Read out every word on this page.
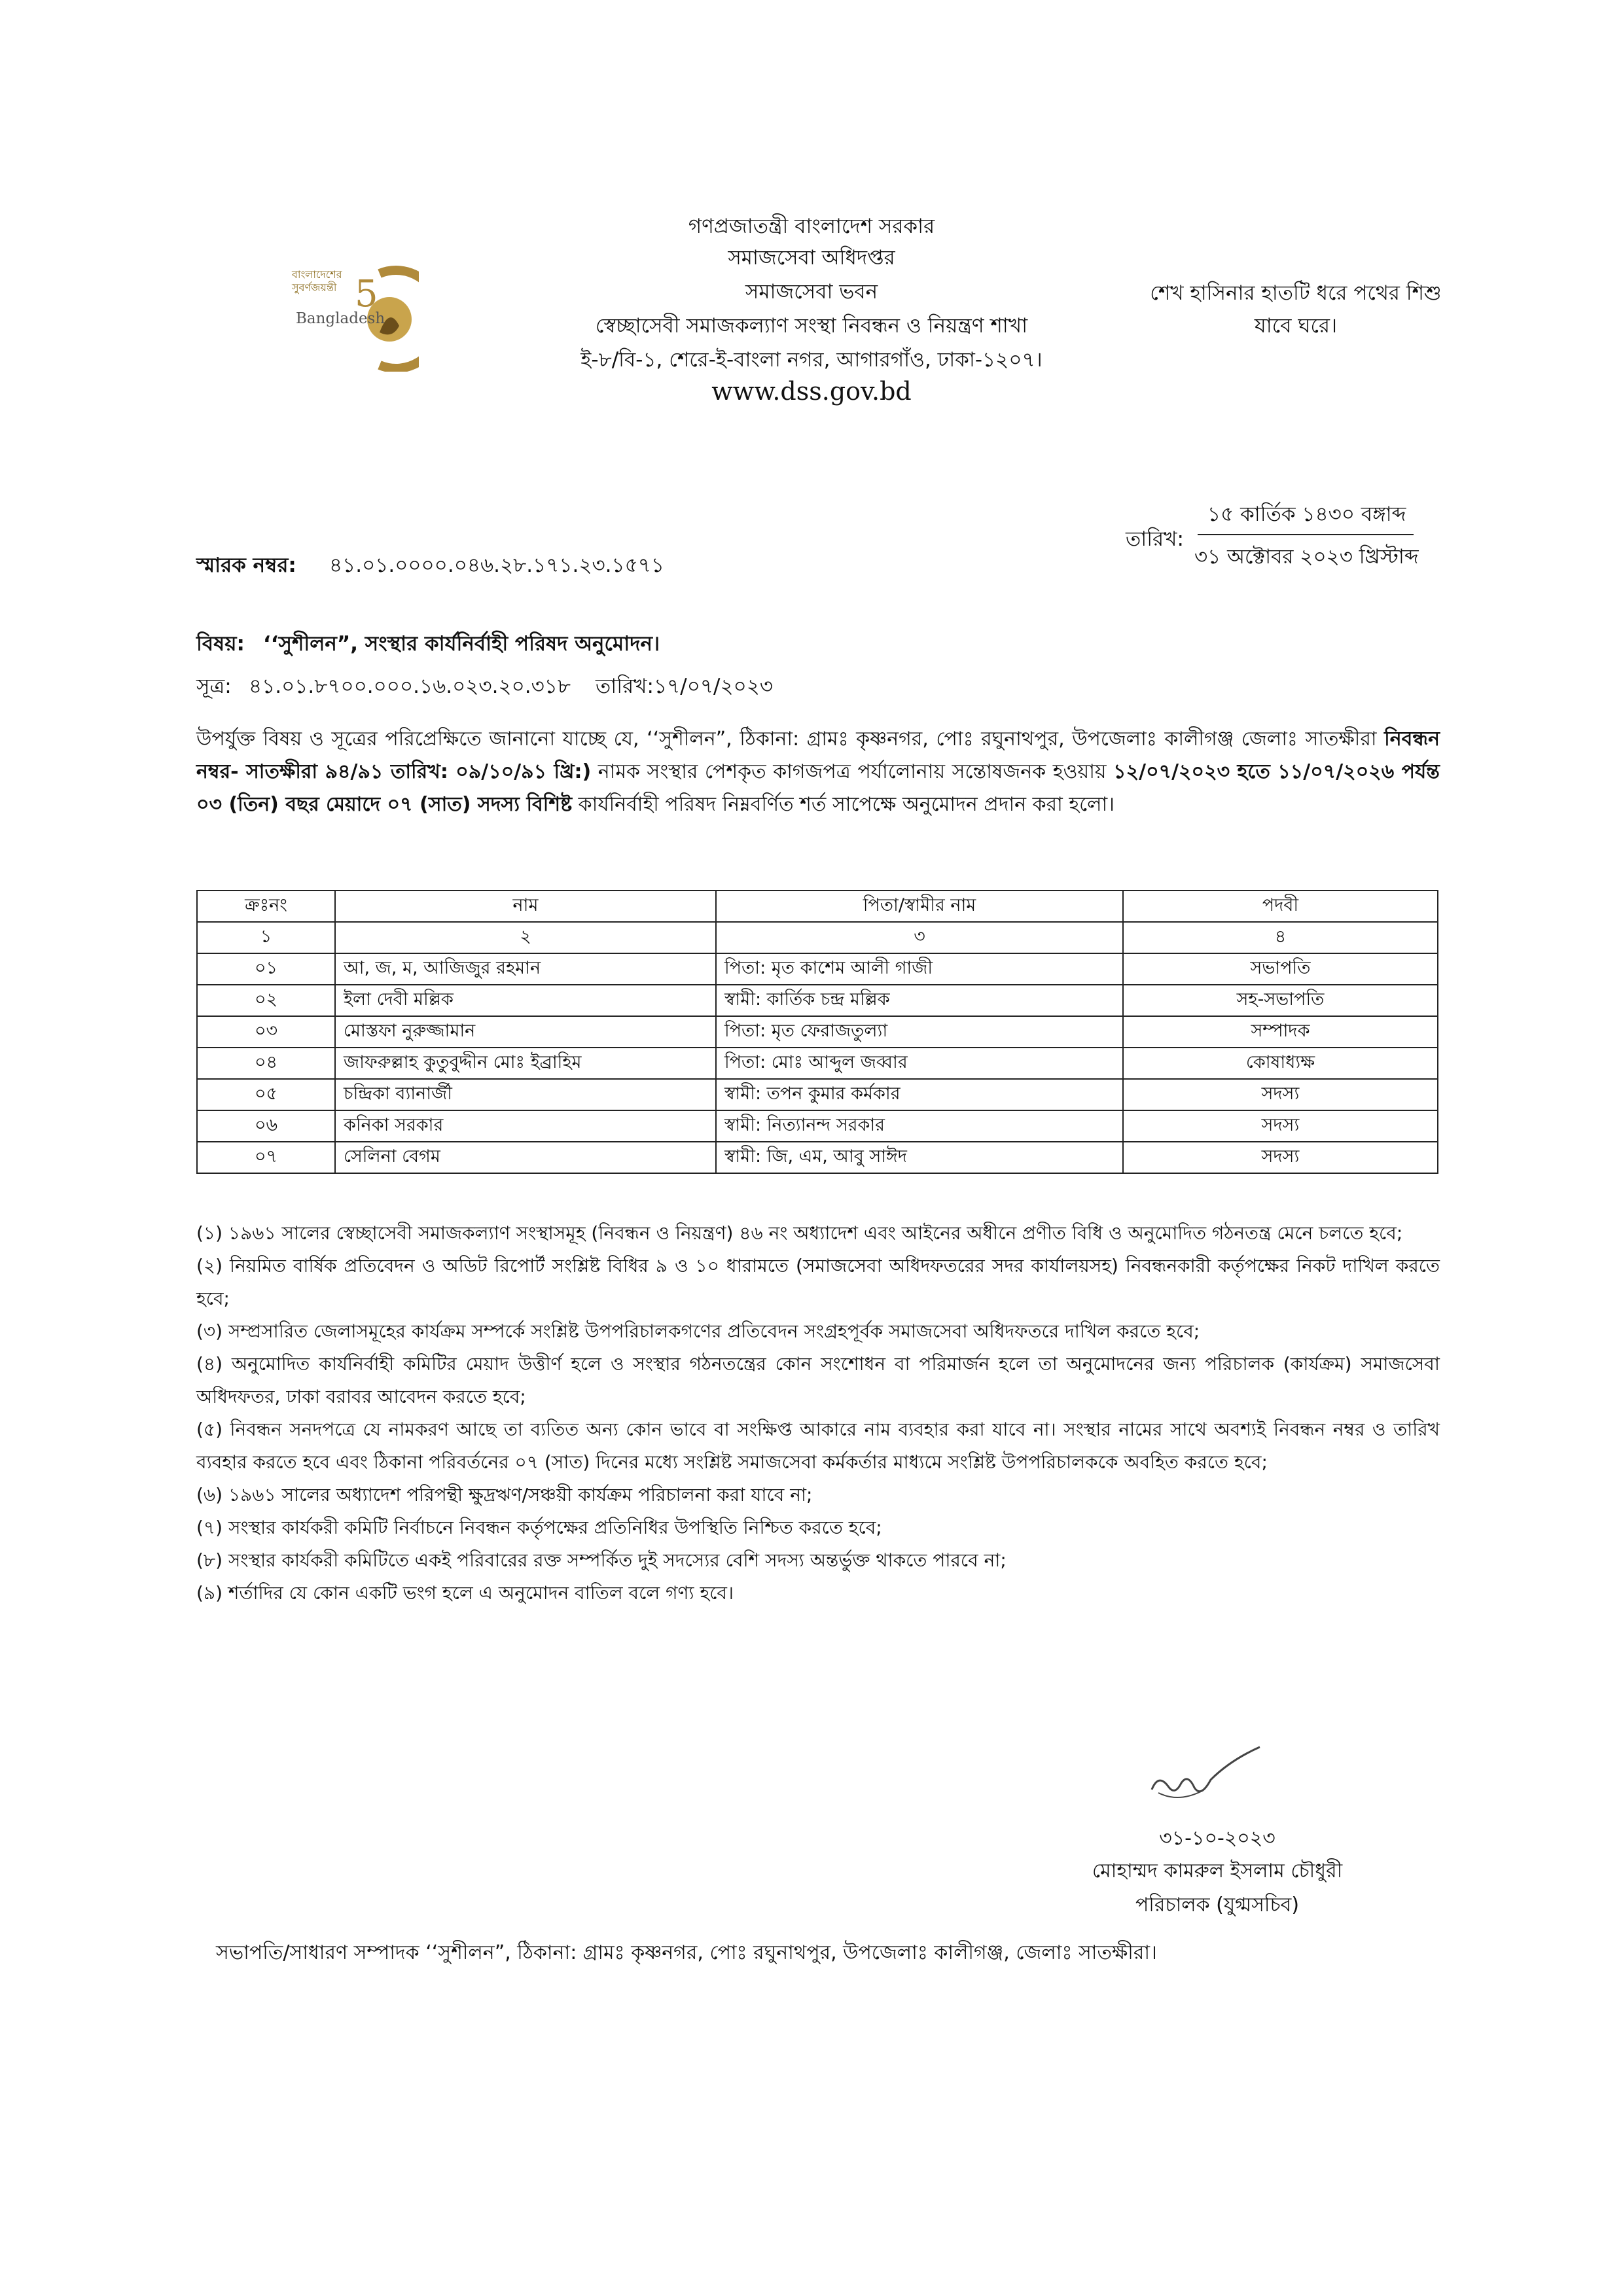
5
বাংলাদেশের সুবর্ণজয়ন্তী
Bangladesh
গণপ্রজাতন্ত্রী বাংলাদেশ সরকার
সমাজসেবা অধিদপ্তর
সমাজসেবা ভবন
স্বেচ্ছাসেবী সমাজকল্যাণ সংস্থা নিবন্ধন ও নিয়ন্ত্রণ শাখা
ই-৮/বি-১, শেরে-ই-বাংলা নগর, আগারগাঁও, ঢাকা-১২০৭।
www.dss.gov.bd
শেখ হাসিনার হাতটি ধরে পথের শিশু
যাবে ঘরে।
১৫ কার্তিক ১৪৩০ বঙ্গাব্দ
তারিখ:
৩১ অক্টোবর ২০২৩ খ্রিস্টাব্দ
স্মারক নম্বর: ৪১.০১.০০০০.০৪৬.২৮.১৭১.২৩.১৫৭১
বিষয়: ‘‘সুশীলন”, সংস্থার কার্যনির্বাহী পরিষদ অনুমোদন।
সূত্র: ৪১.০১.৮৭০০.০০০.১৬.০২৩.২০.৩১৮ তারিখ:১৭/০৭/২০২৩
উপর্যুক্ত বিষয় ও সূত্রের পরিপ্রেক্ষিতে জানানো যাচ্ছে যে, ‘‘সুশীলন”, ঠিকানা: গ্রামঃ কৃষ্ণনগর, পোঃ রঘুনাথপুর, উপজেলাঃ কালীগঞ্জ জেলাঃ সাতক্ষীরা নিবন্ধন নম্বর- সাতক্ষীরা ৯৪/৯১ তারিখ: ০৯/১০/৯১ খ্রি:) নামক সংস্থার পেশকৃত কাগজপত্র পর্যালোনায় সন্তোষজনক হওয়ায় ১২/০৭/২০২৩ হতে ১১/০৭/২০২৬ পর্যন্ত ০৩ (তিন) বছর মেয়াদে ০৭ (সাত) সদস্য বিশিষ্ট কার্যনির্বাহী পরিষদ নিম্নবর্ণিত শর্ত সাপেক্ষে অনুমোদন প্রদান করা হলো।
ক্রঃনং	নাম	পিতা/স্বামীর নাম	পদবী
১	২	৩	৪
০১	আ, জ, ম, আজিজুর রহমান	পিতা: মৃত কাশেম আলী গাজী	সভাপতি
০২	ইলা দেবী মল্লিক	স্বামী: কার্তিক চন্দ্র মল্লিক	সহ-সভাপতি
০৩	মোস্তফা নুরুজ্জামান	পিতা: মৃত ফেরাজতুল্যা	সম্পাদক
০৪	জাফরুল্লাহ কুতুবুদ্দীন মোঃ ইব্রাহিম	পিতা: মোঃ আব্দুল জব্বার	কোষাধ্যক্ষ
০৫	চন্দ্রিকা ব্যানার্জী	স্বামী: তপন কুমার কর্মকার	সদস্য
০৬	কনিকা সরকার	স্বামী: নিত্যানন্দ সরকার	সদস্য
০৭	সেলিনা বেগম	স্বামী: জি, এম, আবু সাঈদ	সদস্য

(১) ১৯৬১ সালের স্বেচ্ছাসেবী সমাজকল্যাণ সংস্থাসমূহ (নিবন্ধন ও নিয়ন্ত্রণ) ৪৬ নং অধ্যাদেশ এবং আইনের অধীনে প্রণীত বিধি ও অনুমোদিত গঠনতন্ত্র মেনে চলতে হবে;

(২) নিয়মিত বার্ষিক প্রতিবেদন ও অডিট রিপোর্ট সংশ্লিষ্ট বিধির ৯ ও ১০ ধারামতে (সমাজসেবা অধিদফতরের সদর কার্যালয়সহ) নিবন্ধনকারী কর্তৃপক্ষের নিকট দাখিল করতে হবে;

(৩) সম্প্রসারিত জেলাসমূহের কার্যক্রম সম্পর্কে সংশ্লিষ্ট উপপরিচালকগণের প্রতিবেদন সংগ্রহপূর্বক সমাজসেবা অধিদফতরে দাখিল করতে হবে;

(৪) অনুমোদিত কার্যনির্বাহী কমিটির মেয়াদ উত্তীর্ণ হলে ও সংস্থার গঠনতন্ত্রের কোন সংশোধন বা পরিমার্জন হলে তা অনুমোদনের জন্য পরিচালক (কার্যক্রম) সমাজসেবা অধিদফতর, ঢাকা বরাবর আবেদন করতে হবে;

(৫) নিবন্ধন সনদপত্রে যে নামকরণ আছে তা ব্যতিত অন্য কোন ভাবে বা সংক্ষিপ্ত আকারে নাম ব্যবহার করা যাবে না। সংস্থার নামের সাথে অবশ্যই নিবন্ধন নম্বর ও তারিখ ব্যবহার করতে হবে এবং ঠিকানা পরিবর্তনের ০৭ (সাত) দিনের মধ্যে সংশ্লিষ্ট সমাজসেবা কর্মকর্তার মাধ্যমে সংশ্লিষ্ট উপপরিচালককে অবহিত করতে হবে;

(৬) ১৯৬১ সালের অধ্যাদেশ পরিপন্থী ক্ষুদ্রঋণ/সঞ্চয়ী কার্যক্রম পরিচালনা করা যাবে না;

(৭) সংস্থার কার্যকরী কমিটি নির্বাচনে নিবন্ধন কর্তৃপক্ষের প্রতিনিধির উপস্থিতি নিশ্চিত করতে হবে;

(৮) সংস্থার কার্যকরী কমিটিতে একই পরিবারের রক্ত সম্পর্কিত দুই সদস্যের বেশি সদস্য অন্তর্ভুক্ত থাকতে পারবে না;

(৯) শর্তাদির যে কোন একটি ভংগ হলে এ অনুমোদন বাতিল বলে গণ্য হবে।

৩১-১০-২০২৩
মোহাম্মদ কামরুল ইসলাম চৌধুরী
পরিচালক (যুগ্মসচিব)
সভাপতি/সাধারণ সম্পাদক ‘‘সুশীলন”, ঠিকানা: গ্রামঃ কৃষ্ণনগর, পোঃ রঘুনাথপুর, উপজেলাঃ কালীগঞ্জ, জেলাঃ সাতক্ষীরা।
